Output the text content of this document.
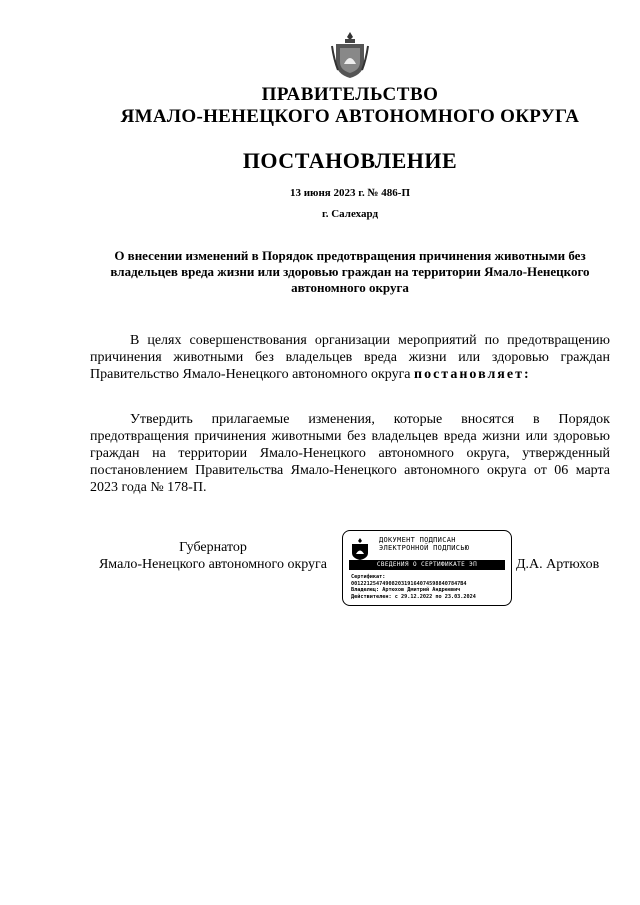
ПРАВИТЕЛЬСТВО
ЯМАЛО-НЕНЕЦКОГО АВТОНОМНОГО ОКРУГА
ПОСТАНОВЛЕНИЕ
13 июня 2023 г. № 486-П
г. Салехард
О внесении изменений в Порядок предотвращения причинения животными без владельцев вреда жизни или здоровью граждан на территории Ямало-Ненецкого автономного округа
В целях совершенствования организации мероприятий по предотвращению причинения животными без владельцев вреда жизни или здоровью граждан Правительство Ямало-Ненецкого автономного округа постановляет:
Утвердить прилагаемые изменения, которые вносятся в Порядок предотвращения причинения животными без владельцев вреда жизни или здоровью граждан на территории Ямало-Ненецкого автономного округа, утвержденный постановлением Правительства Ямало-Ненецкого автономного округа от 06 марта 2023 года № 178-П.
Губернатор
Ямало-Ненецкого автономного округа
ДОКУМЕНТ ПОДПИСАН
ЭЛЕКТРОННОЙ ПОДПИСЬЮ
СВЕДЕНИЯ О СЕРТИФИКАТЕ ЭП
Сертификат:
00122125474908203191640745988407847B4
Владелец: Артюхов Дмитрий Андреевич
Действителен: с 29.12.2022 по 23.03.2024
Д.А. Артюхов
